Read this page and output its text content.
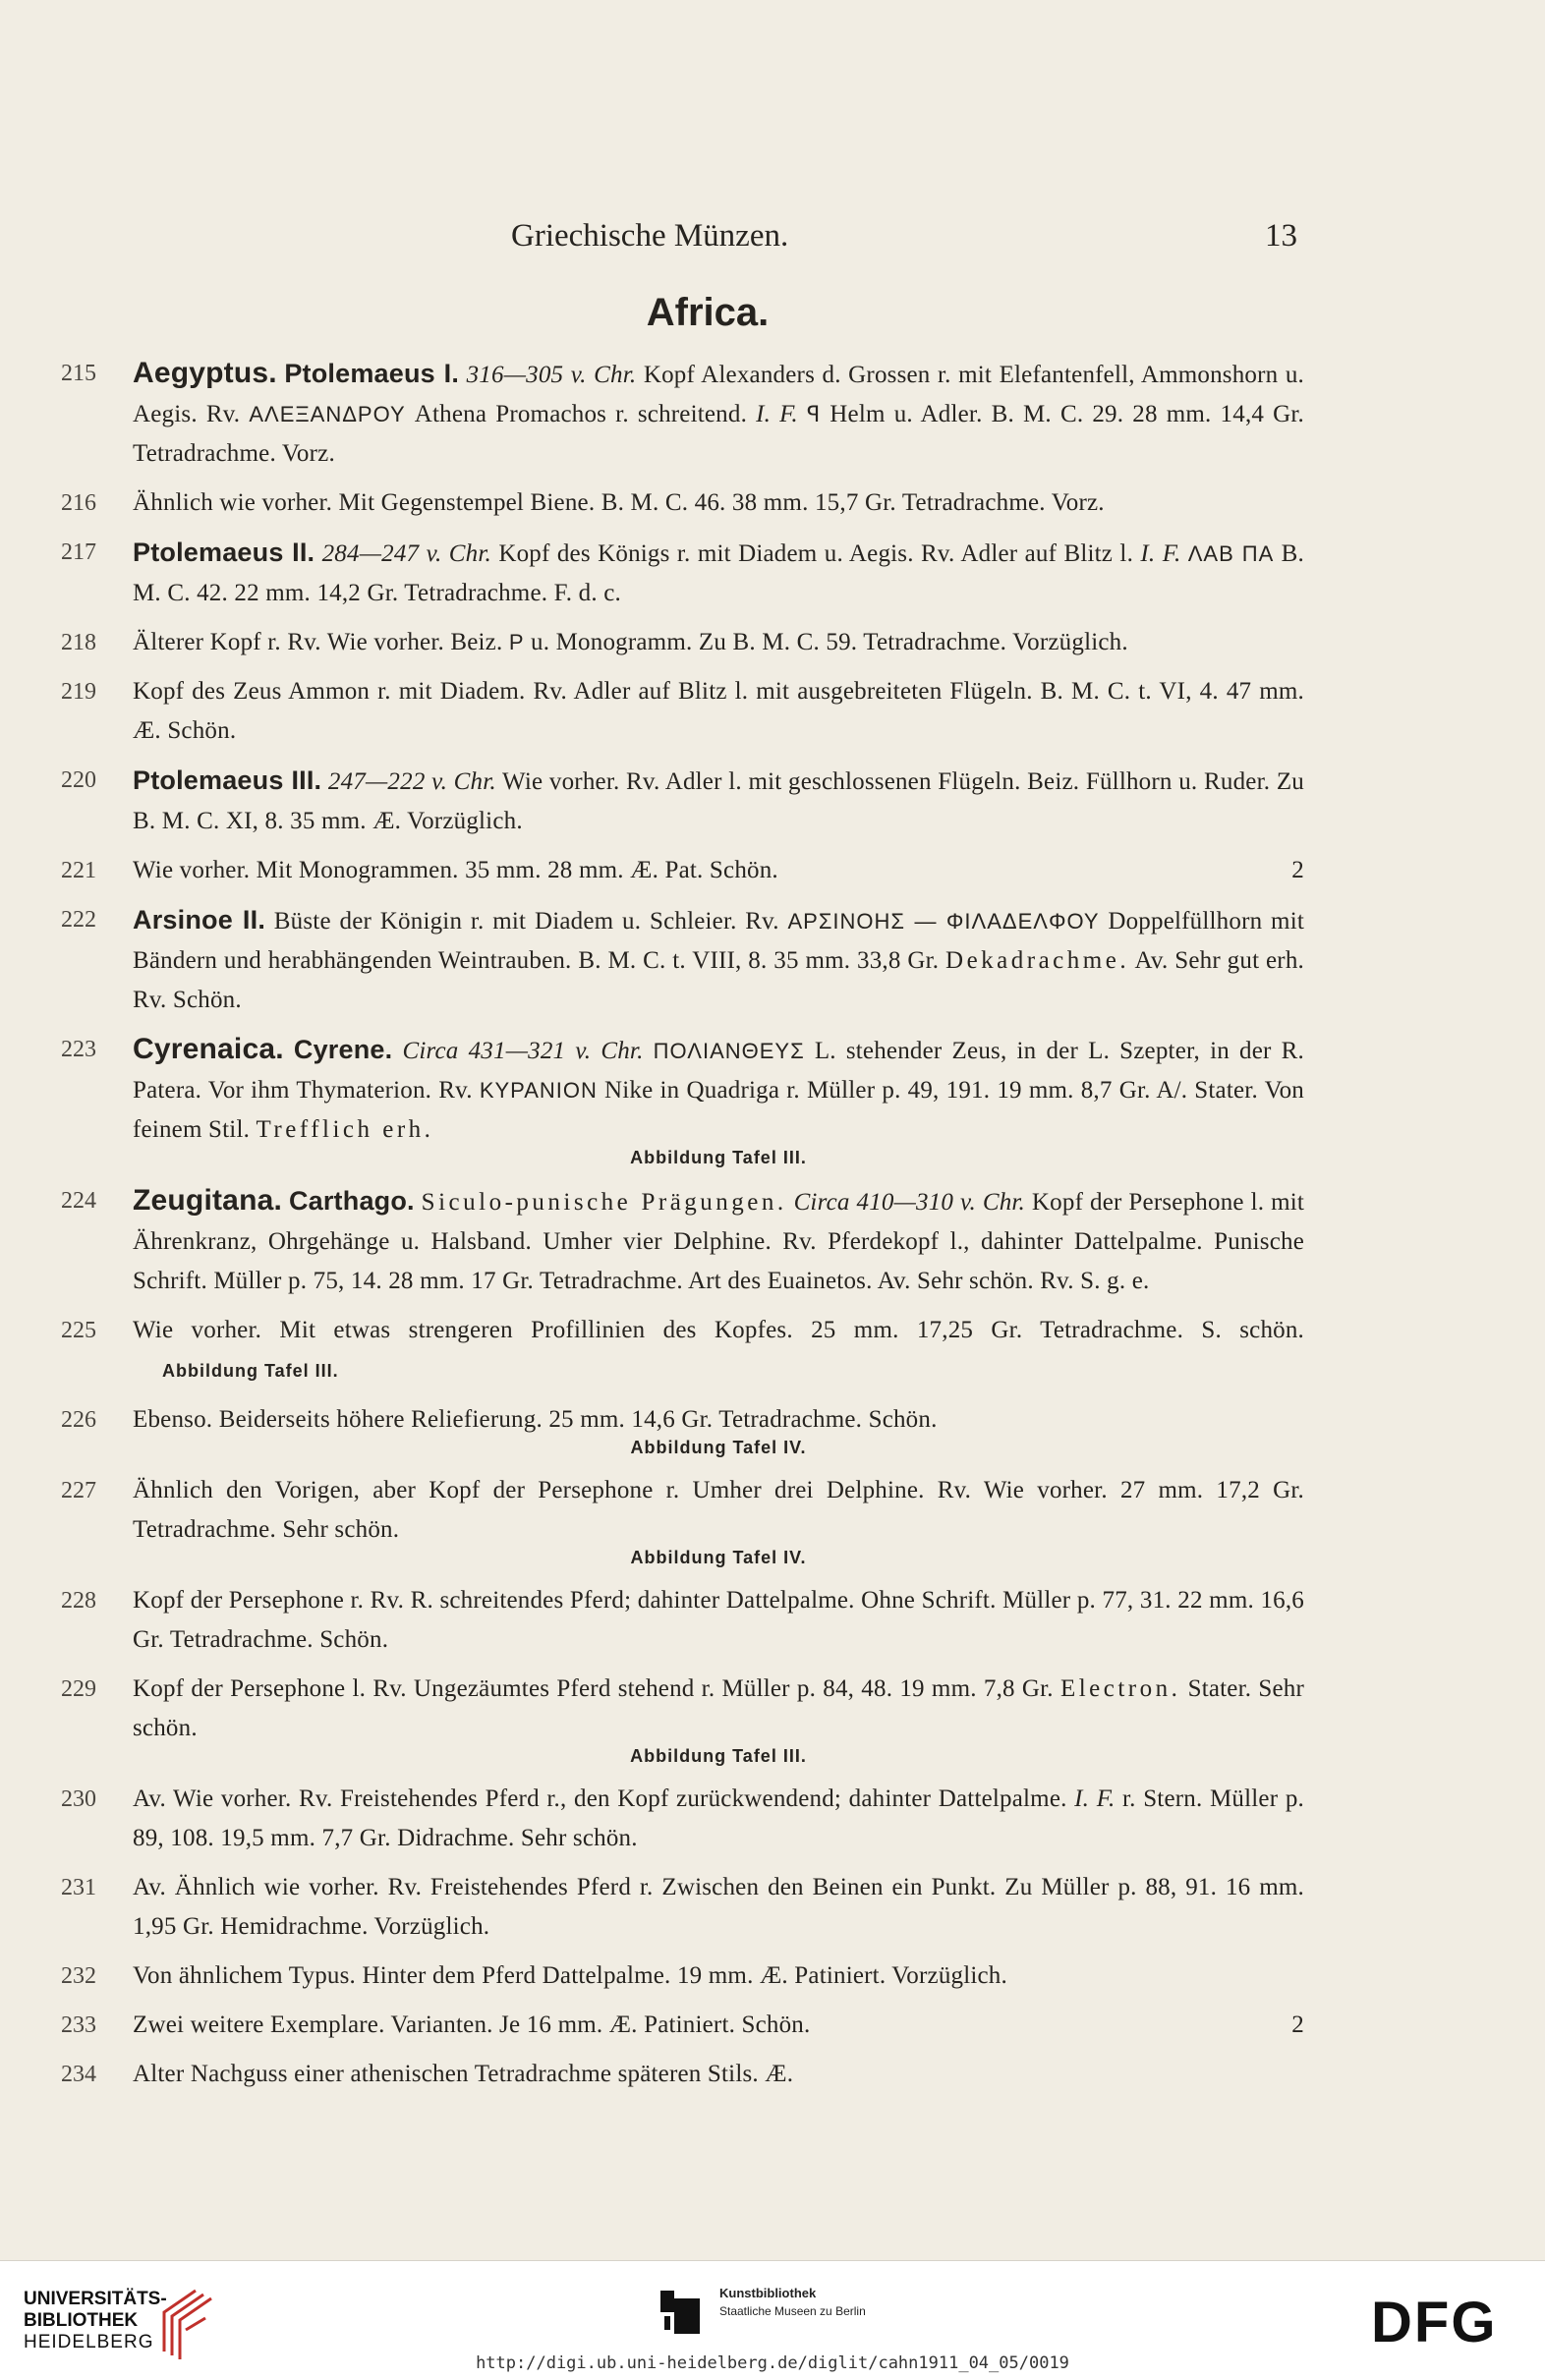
Griechische Münzen.	13
Africa.
215 Aegyptus. Ptolemaeus I. 316—305 v. Chr. Kopf Alexanders d. Grossen r. mit Elefantenfell, Ammonshorn u. Aegis. Rv. ΑΛΕΞΑΝΔΡΟΥ Athena Promachos r. schreitend. I. F. ꟼ Helm u. Adler. B. M. C. 29. 28 mm. 14,4 Gr. Tetradrachme. Vorz.
216 Ähnlich wie vorher. Mit Gegenstempel Biene. B. M. C. 46. 38 mm. 15,7 Gr. Tetradrachme. Vorz.
217 Ptolemaeus II. 284—247 v. Chr. Kopf des Königs r. mit Diadem u. Aegis. Rv. Adler auf Blitz l. I. F. ΛΑΒ ΠΑ B. M. C. 42. 22 mm. 14,2 Gr. Tetradrachme. F. d. c.
218 Älterer Kopf r. Rv. Wie vorher. Beiz. P u. Monogramm. Zu B. M. C. 59. Tetradrachme. Vorzüglich.
219 Kopf des Zeus Ammon r. mit Diadem. Rv. Adler auf Blitz l. mit ausgebreiteten Flügeln. B. M. C. t. VI, 4. 47 mm. Æ. Schön.
220 Ptolemaeus III. 247—222 v. Chr. Wie vorher. Rv. Adler l. mit geschlossenen Flügeln. Beiz. Füllhorn u. Ruder. Zu B. M. C. XI, 8. 35 mm. Æ. Vorzüglich.
221	2
Wie vorher. Mit Monogrammen. 35 mm. 28 mm. Æ. Pat. Schön.
222 Arsinoe II. Büste der Königin r. mit Diadem u. Schleier. Rv. ΑΡΣΙΝΟΗΣ — ΦΙΛΑΔΕΛΦΟΥ Doppelfüllhorn mit Bändern und herabhängenden Weintrauben. B. M. C. t. VIII, 8. 35 mm. 33,8 Gr. Dekadrachme. Av. Sehr gut erh. Rv. Schön.
223 Cyrenaica. Cyrene. Circa 431—321 v. Chr. ΠΟΛΙΑΝΘΕΥΣ L. stehender Zeus, in der L. Szepter, in der R. Patera. Vor ihm Thymaterion. Rv. ΚΥΡΑΝΙΟΝ Nike in Quadriga r. Müller p. 49, 191. 19 mm. 8,7 Gr. A/. Stater. Von feinem Stil. Trefflich erh.
Abbildung Tafel III.
224 Zeugitana. Carthago. Siculo-punische Prägungen. Circa 410—310 v. Chr. Kopf der Persephone l. mit Ährenkranz, Ohrgehänge u. Halsband. Umher vier Delphine. Rv. Pferdekopf l., dahinter Dattelpalme. Punische Schrift. Müller p. 75, 14. 28 mm. 17 Gr. Tetradrachme. Art des Euainetos. Av. Sehr schön. Rv. S. g. e.
225 Wie vorher. Mit etwas strengeren Profillinien des Kopfes. 25 mm. 17,25 Gr. Tetradrachme. S. schön.Abbildung Tafel III.
226 Ebenso. Beiderseits höhere Reliefierung. 25 mm. 14,6 Gr. Tetradrachme. Schön.
Abbildung Tafel IV.
227 Ähnlich den Vorigen, aber Kopf der Persephone r. Umher drei Delphine. Rv. Wie vorher. 27 mm. 17,2 Gr. Tetradrachme. Sehr schön.
Abbildung Tafel IV.
228 Kopf der Persephone r. Rv. R. schreitendes Pferd; dahinter Dattelpalme. Ohne Schrift. Müller p. 77, 31. 22 mm. 16,6 Gr. Tetradrachme. Schön.
229 Kopf der Persephone l. Rv. Ungezäumtes Pferd stehend r. Müller p. 84, 48. 19 mm. 7,8 Gr. Electron. Stater. Sehr schön.
Abbildung Tafel III.
230 Av. Wie vorher. Rv. Freistehendes Pferd r., den Kopf zurückwendend; dahinter Dattelpalme. I. F. r. Stern. Müller p. 89, 108. 19,5 mm. 7,7 Gr. Didrachme. Sehr schön.
231 Av. Ähnlich wie vorher. Rv. Freistehendes Pferd r. Zwischen den Beinen ein Punkt. Zu Müller p. 88, 91. 16 mm. 1,95 Gr. Hemidrachme. Vorzüglich.
232 Von ähnlichem Typus. Hinter dem Pferd Dattelpalme. 19 mm. Æ. Patiniert. Vorzüglich.
233	2
Zwei weitere Exemplare. Varianten. Je 16 mm. Æ. Patiniert. Schön.
234 Alter Nachguss einer athenischen Tetradrachme späteren Stils. Æ.
UNIVERSITÄTS-
BIBLIOTHEK
HEIDELBERG
Kunstbibliothek
Staatliche Museen zu Berlin	DFG
http://digi.ub.uni-heidelberg.de/diglit/cahn1911_04_05/0019
